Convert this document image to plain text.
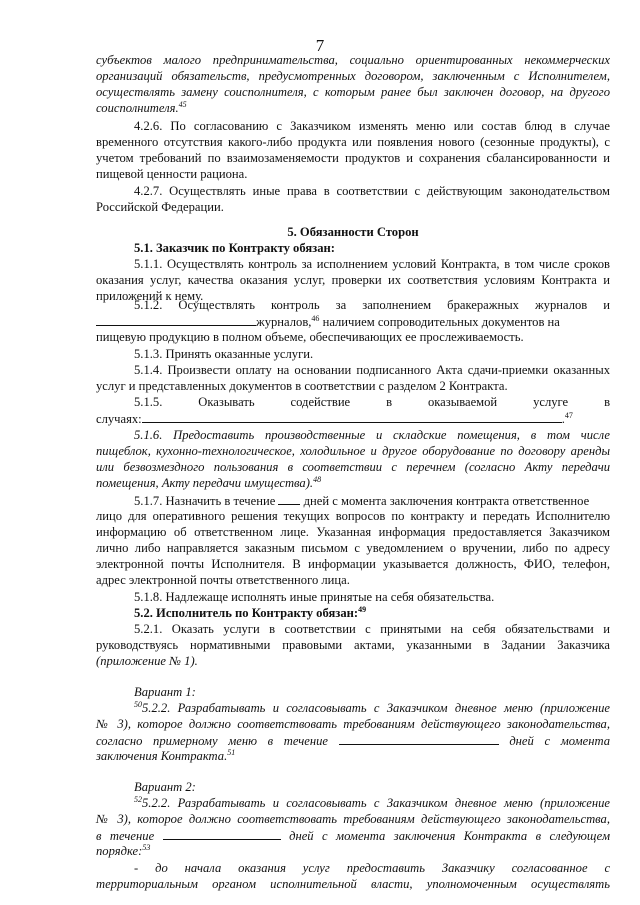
7
субъектов малого предпринимательства, социально ориентированных некоммерческих
организаций обязательств, предусмотренных договором, заключенным с Исполнителем,
осуществлять замену соисполнителя, с которым ранее был заключен договор, на другого
соисполнителя.$^{45}$
4.2.6. По согласованию с Заказчиком изменять меню или состав блюд в случае
временного отсутствия какого-либо продукта или появления нового (сезонные продукты), с
учетом требований по взаимозаменяемости продуктов и сохранения сбалансированности и
пищевой ценности рациона.
4.2.7. Осуществлять иные права в соответствии с действующим законодательством
Российской Федерации.
5. Обязанности Сторон
5.1. Заказчик по Контракту обязан:
5.1.1. Осуществлять контроль за исполнением условий Контракта, в том числе сроков
оказания услуг, качества оказания услуг, проверки их соответствия условиям Контракта и
приложений к нему.
5.1.2. Осуществлять контроль за заполнением бракеражных журналов и
журналов,$^{46}$ наличием сопроводительных документов на
пищевую продукцию в полном объеме, обеспечивающих ее прослеживаемость.
5.1.3. Принять оказанные услуги.
5.1.4. Произвести оплату на основании подписанного Акта сдачи-приемки оказанных
услуг и представленных документов в соответствии с разделом 2 Контракта.
5.1.5. Оказывать	содействие	в	оказываемой	услуге	в
случаях:	.$^{47}$
5.1.6. Предоставить производственные и складские помещения, в том числе
пищеблок, кухонно-технологическое, холодильное и другое оборудование по договору аренды
или безвозмездного пользования в соответствии с перечнем (согласно Акту передачи
помещения, Акту передачи имущества).$^{48}$
5.1.7. Назначить в течение дней с момента заключения контракта ответственное
лицо для оперативного решения текущих вопросов по контракту и передать Исполнителю
информацию об ответственном лице. Указанная информация предоставляется Заказчиком
лично либо направляется заказным письмом с уведомлением о вручении, либо по адресу
электронной почты Исполнителя. В информации указывается должность, ФИО, телефон,
адрес электронной почты ответственного лица.
5.1.8. Надлежаще исполнять иные принятые на себя обязательства.
5.2. Исполнитель по Контракту обязан:$^{49}$
5.2.1. Оказать услуги в соответствии с принятыми на себя обязательствами и
руководствуясь нормативными правовыми актами, указанными в Задании Заказчика
(приложение № 1).
Вариант 1:
$^{50}$5.2.2. Разрабатывать и согласовывать с Заказчиком дневное меню (приложение
№ 3), которое должно соответствовать требованиям действующего законодательства,
согласно примерному меню в течение	дней с момента
заключения Контракта.$^{51}$
Вариант 2:
$^{52}$5.2.2. Разрабатывать и согласовывать с Заказчиком дневное меню (приложение
№ 3), которое должно соответствовать требованиям действующего законодательства,
в течение	дней с момента заключения Контракта в следующем
порядке:$^{53}$
- до начала оказания услуг предоставить Заказчику согласованное с
территориальным органом исполнительной власти, уполномоченным осуществлять
